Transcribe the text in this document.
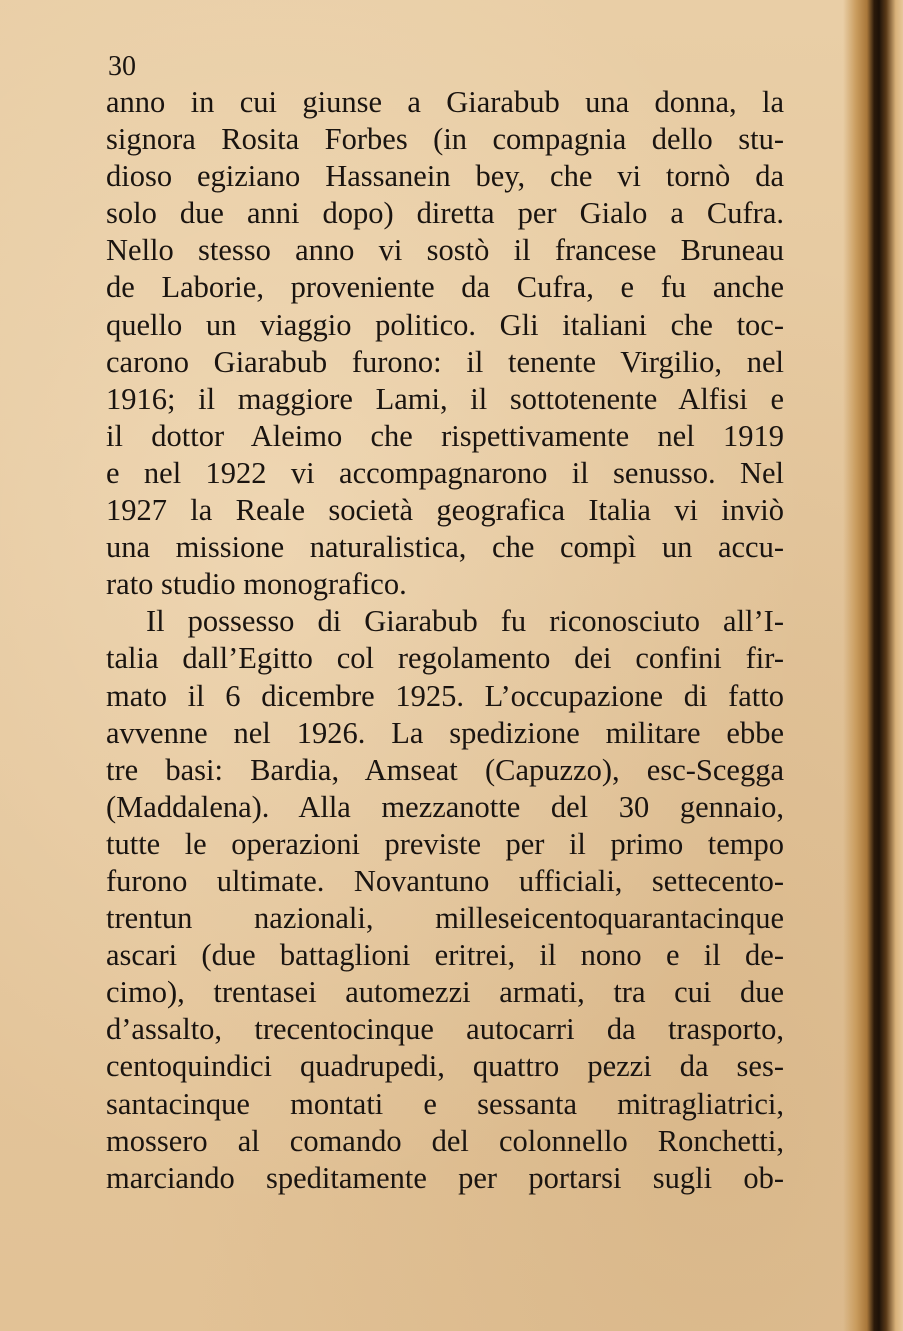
30
anno in cui giunse a Giarabub una donna, la
signora Rosita Forbes (in compagnia dello stu-
dioso egiziano Hassanein bey, che vi tornò da
solo due anni dopo) diretta per Gialo a Cufra.
Nello stesso anno vi sostò il francese Bruneau
de Laborie, proveniente da Cufra, e fu anche
quello un viaggio politico. Gli italiani che toc-
carono Giarabub furono: il tenente Virgilio, nel
1916; il maggiore Lami, il sottotenente Alfisi e
il dottor Aleimo che rispettivamente nel 1919
e nel 1922 vi accompagnarono il senusso. Nel
1927 la Reale società geografica Italia vi inviò
una missione naturalistica, che compì un accu-
rato studio monografico.
Il possesso di Giarabub fu riconosciuto all’I-
talia dall’Egitto col regolamento dei confini fir-
mato il 6 dicembre 1925. L’occupazione di fatto
avvenne nel 1926. La spedizione militare ebbe
tre basi: Bardia, Amseat (Capuzzo), esc-Scegga
(Maddalena). Alla mezzanotte del 30 gennaio,
tutte le operazioni previste per il primo tempo
furono ultimate. Novantuno ufficiali, settecento-
trentun nazionali, milleseicentoquarantacinque
ascari (due battaglioni eritrei, il nono e il de-
cimo), trentasei automezzi armati, tra cui due
d’assalto, trecentocinque autocarri da trasporto,
centoquindici quadrupedi, quattro pezzi da ses-
santacinque montati e sessanta mitragliatrici,
mossero al comando del colonnello Ronchetti,
marciando speditamente per portarsi sugli ob-
